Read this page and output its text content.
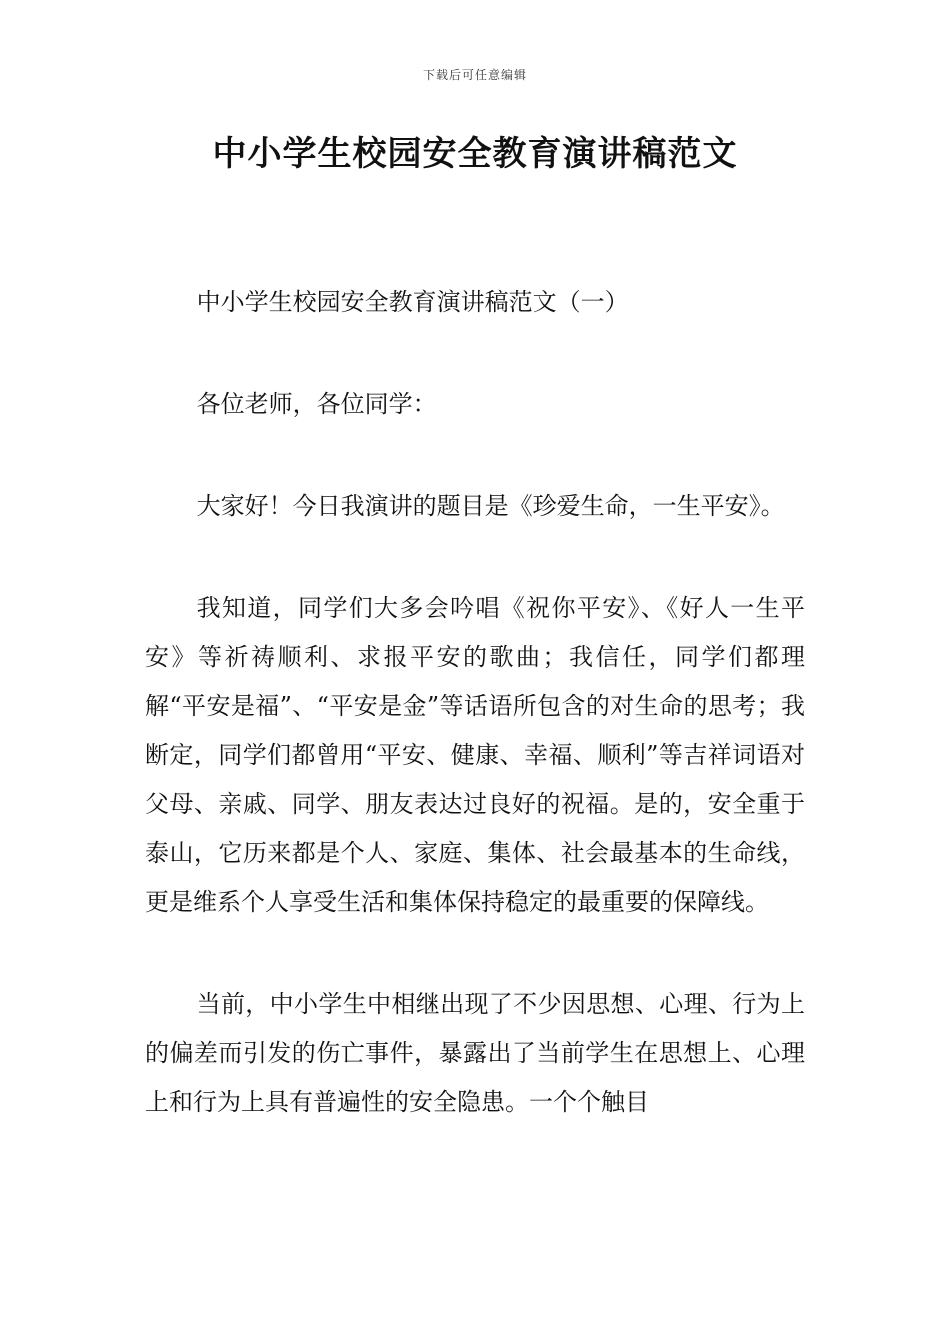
下载后可任意编辑
中小学生校园安全教育演讲稿范文

中小学生校园安全教育演讲稿范文（一）

各位老师，各位同学：

大家好！今日我演讲的题目是《珍爱生命，一生平安》。

我知道，同学们大多会吟唱《祝你平安》、《好人一生平安》等祈祷顺利、求报平安的歌曲；我信任，同学们都理解“平安是福”、“平安是金”等话语所包含的对生命的思考；我断定，同学们都曾用“平安、健康、幸福、顺利”等吉祥词语对父母、亲戚、同学、朋友表达过良好的祝福。是的，安全重于泰山，它历来都是个人、家庭、集体、社会最基本的生命线，更是维系个人享受生活和集体保持稳定的最重要的保障线。

当前，中小学生中相继出现了不少因思想、心理、行为上的偏差而引发的伤亡事件，暴露出了当前学生在思想上、心理上和行为上具有普遍性的安全隐患。一个个触目
